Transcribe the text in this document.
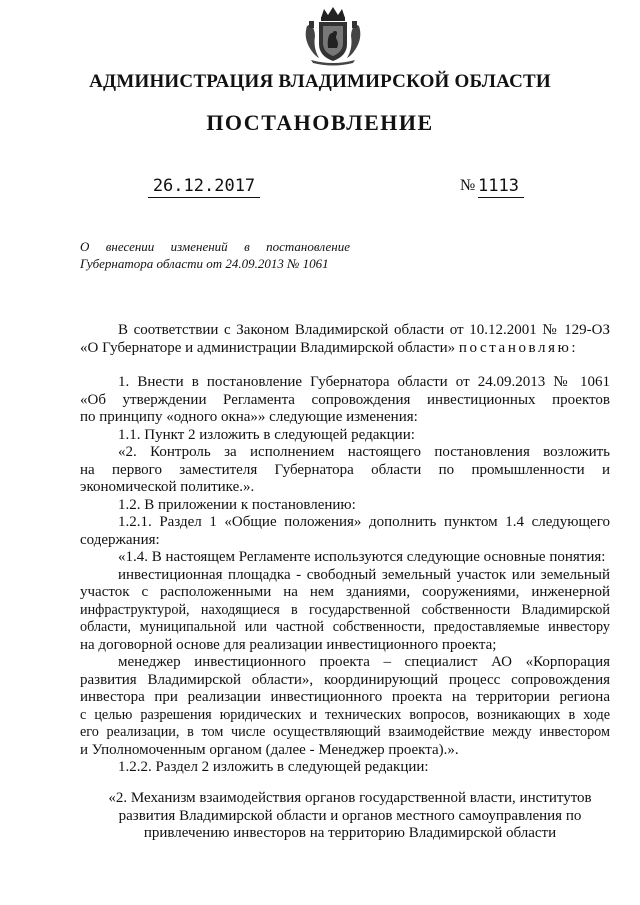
АДМИНИСТРАЦИЯ ВЛАДИМИРСКОЙ ОБЛАСТИ
ПОСТАНОВЛЕНИЕ
26.12.2017	№ 1113
О внесении изменений в постановление
Губернатора области от 24.09.2013 № 1061
В соответствии с Законом Владимирской области от 10.12.2001 № 129-ОЗ
«О Губернаторе и администрации Владимирской области» постановляю:
1. Внести в постановление Губернатора области от 24.09.2013 № 1061
«Об утверждении Регламента сопровождения инвестиционных проектов
по принципу «одного окна»» следующие изменения:
1.1. Пункт 2 изложить в следующей редакции:
«2. Контроль за исполнением настоящего постановления возложить
на первого заместителя Губернатора области по промышленности и
экономической политике.».
1.2. В приложении к постановлению:
1.2.1. Раздел 1 «Общие положения» дополнить пунктом 1.4 следующего
содержания:
«1.4. В настоящем Регламенте используются следующие основные понятия:
инвестиционная площадка - свободный земельный участок или земельный
участок с расположенными на нем зданиями, сооружениями, инженерной
инфраструктурой, находящиеся в государственной собственности Владимирской
области, муниципальной или частной собственности, предоставляемые инвестору
на договорной основе для реализации инвестиционного проекта;
менеджер инвестиционного проекта – специалист АО «Корпорация
развития Владимирской области», координирующий процесс сопровождения
инвестора при реализации инвестиционного проекта на территории региона
с целью разрешения юридических и технических вопросов, возникающих в ходе
его реализации, в том числе осуществляющий взаимодействие между инвестором
и Уполномоченным органом (далее - Менеджер проекта).».
1.2.2. Раздел 2 изложить в следующей редакции:
«2. Механизм взаимодействия органов государственной власти, институтов
развития Владимирской области и органов местного самоуправления по
привлечению инвесторов на территорию Владимирской области
